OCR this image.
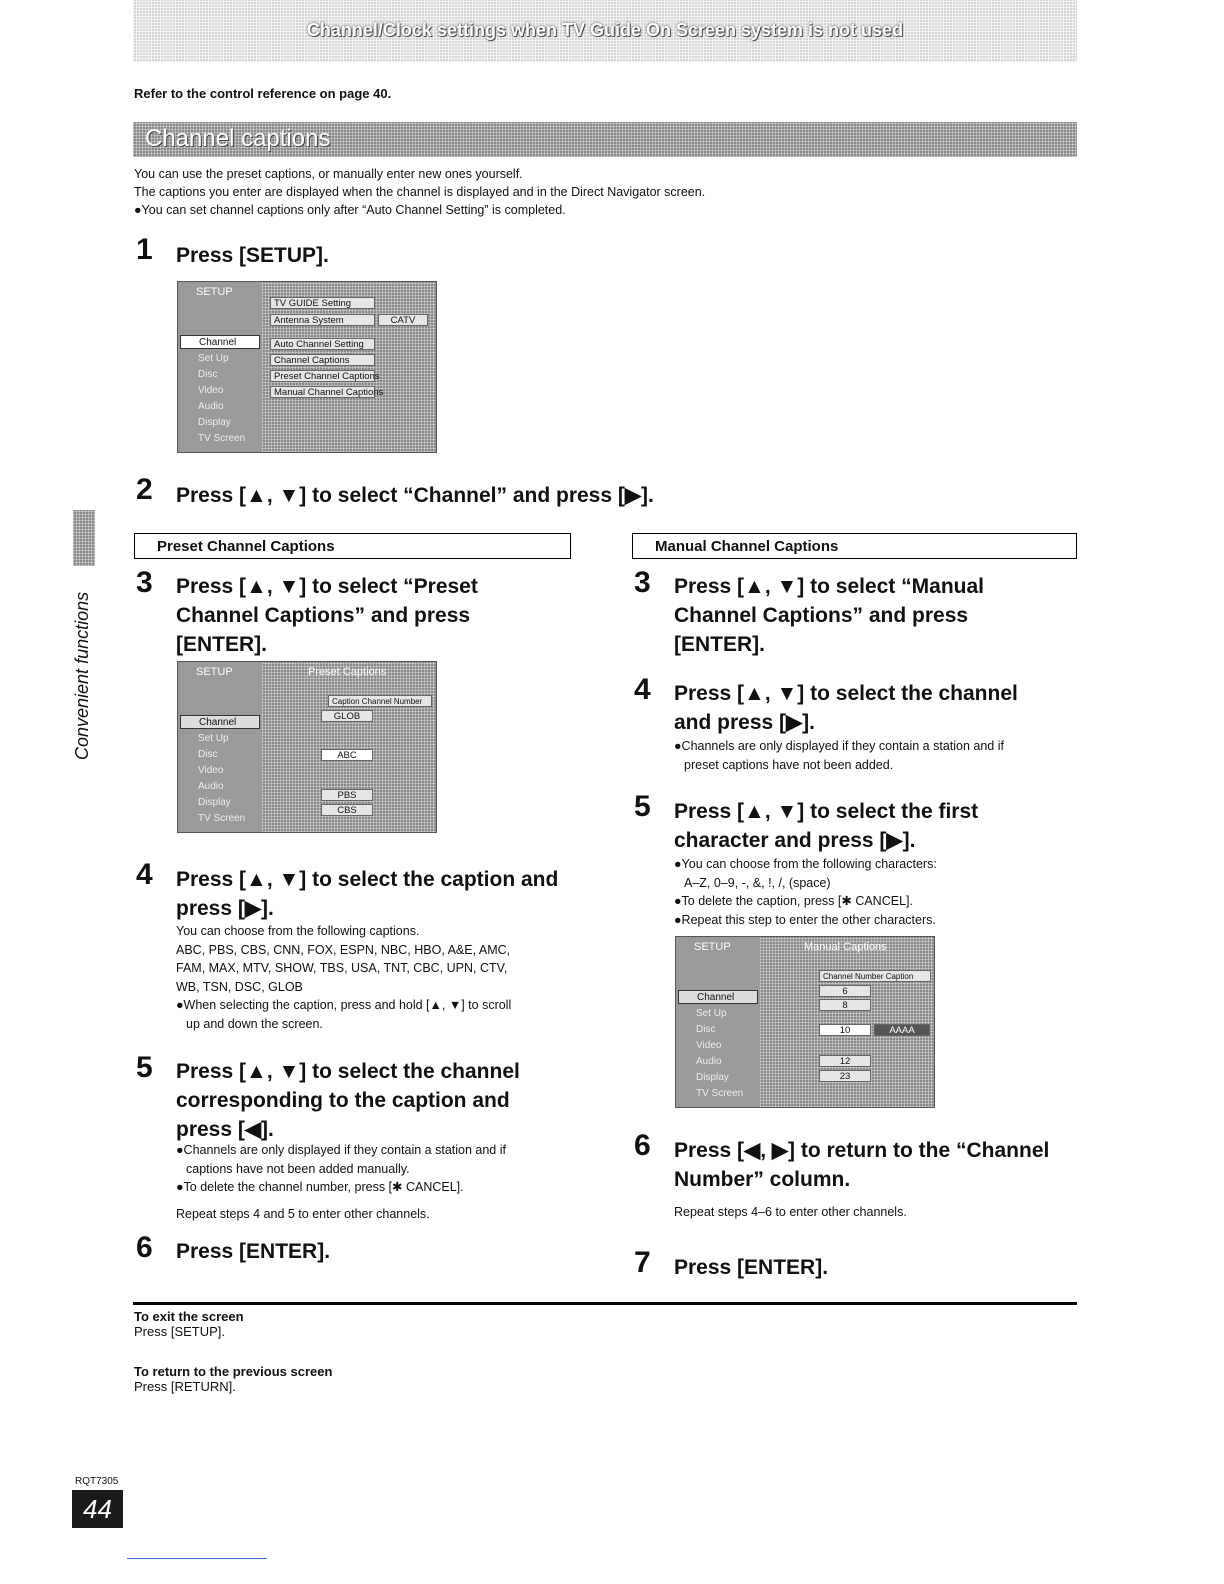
Channel/Clock settings when TV Guide On Screen system is not used
Refer to the control reference on page 40.
Channel captions
You can use the preset captions, or manually enter new ones yourself.
The captions you enter are displayed when the channel is displayed and in the Direct Navigator screen.
●You can set channel captions only after “Auto Channel Setting” is completed.
Convenient functions
1 Press [SETUP].
SETUP
Channel
Set Up
Disc
Video
Audio
Display
TV Screen
TV GUIDE Setting
Antenna System	CATV
Auto Channel Setting
Channel Captions
Preset Channel Captions
Manual Channel Captions
2 Press [▲, ▼] to select “Channel” and press [▶].
Preset Channel Captions
3 Press [▲, ▼] to select “Preset
Channel Captions” and press
[ENTER].
SETUP
Channel
Set Up
Disc
Video
Audio
Display
TV Screen
Preset Captions
Caption Channel Number
GLOB
ABC
PBS
CBS
4 Press [▲, ▼] to select the caption and
press [▶].
You can choose from the following captions.
ABC, PBS, CBS, CNN, FOX, ESPN, NBC, HBO, A&E, AMC,
FAM, MAX, MTV, SHOW, TBS, USA, TNT, CBC, UPN, CTV,
WB, TSN, DSC, GLOB
●When selecting the caption, press and hold [▲, ▼] to scroll
up and down the screen.
5 Press [▲, ▼] to select the channel
corresponding to the caption and
press [◀].
●Channels are only displayed if they contain a station and if
captions have not been added manually.
●To delete the channel number, press [✱ CANCEL].
Repeat steps 4 and 5 to enter other channels.
6 Press [ENTER].
Manual Channel Captions
3 Press [▲, ▼] to select “Manual
Channel Captions” and press
[ENTER].
4 Press [▲, ▼] to select the channel
and press [▶].
●Channels are only displayed if they contain a station and if
preset captions have not been added.
5 Press [▲, ▼] to select the first
character and press [▶].
●You can choose from the following characters:
A–Z, 0–9, -, &, !, /, (space)
●To delete the caption, press [✱ CANCEL].
●Repeat this step to enter the other characters.
SETUP
Channel
Set Up
Disc
Video
Audio
Display
TV Screen
Manual Captions
Channel Number Caption
6
8
10	AAAA
12
23
6 Press [◀, ▶] to return to the “Channel
Number” column.
Repeat steps 4–6 to enter other channels.
7 Press [ENTER].
To exit the screen
Press [SETUP].
To return to the previous screen
Press [RETURN].
RQT7305
44
